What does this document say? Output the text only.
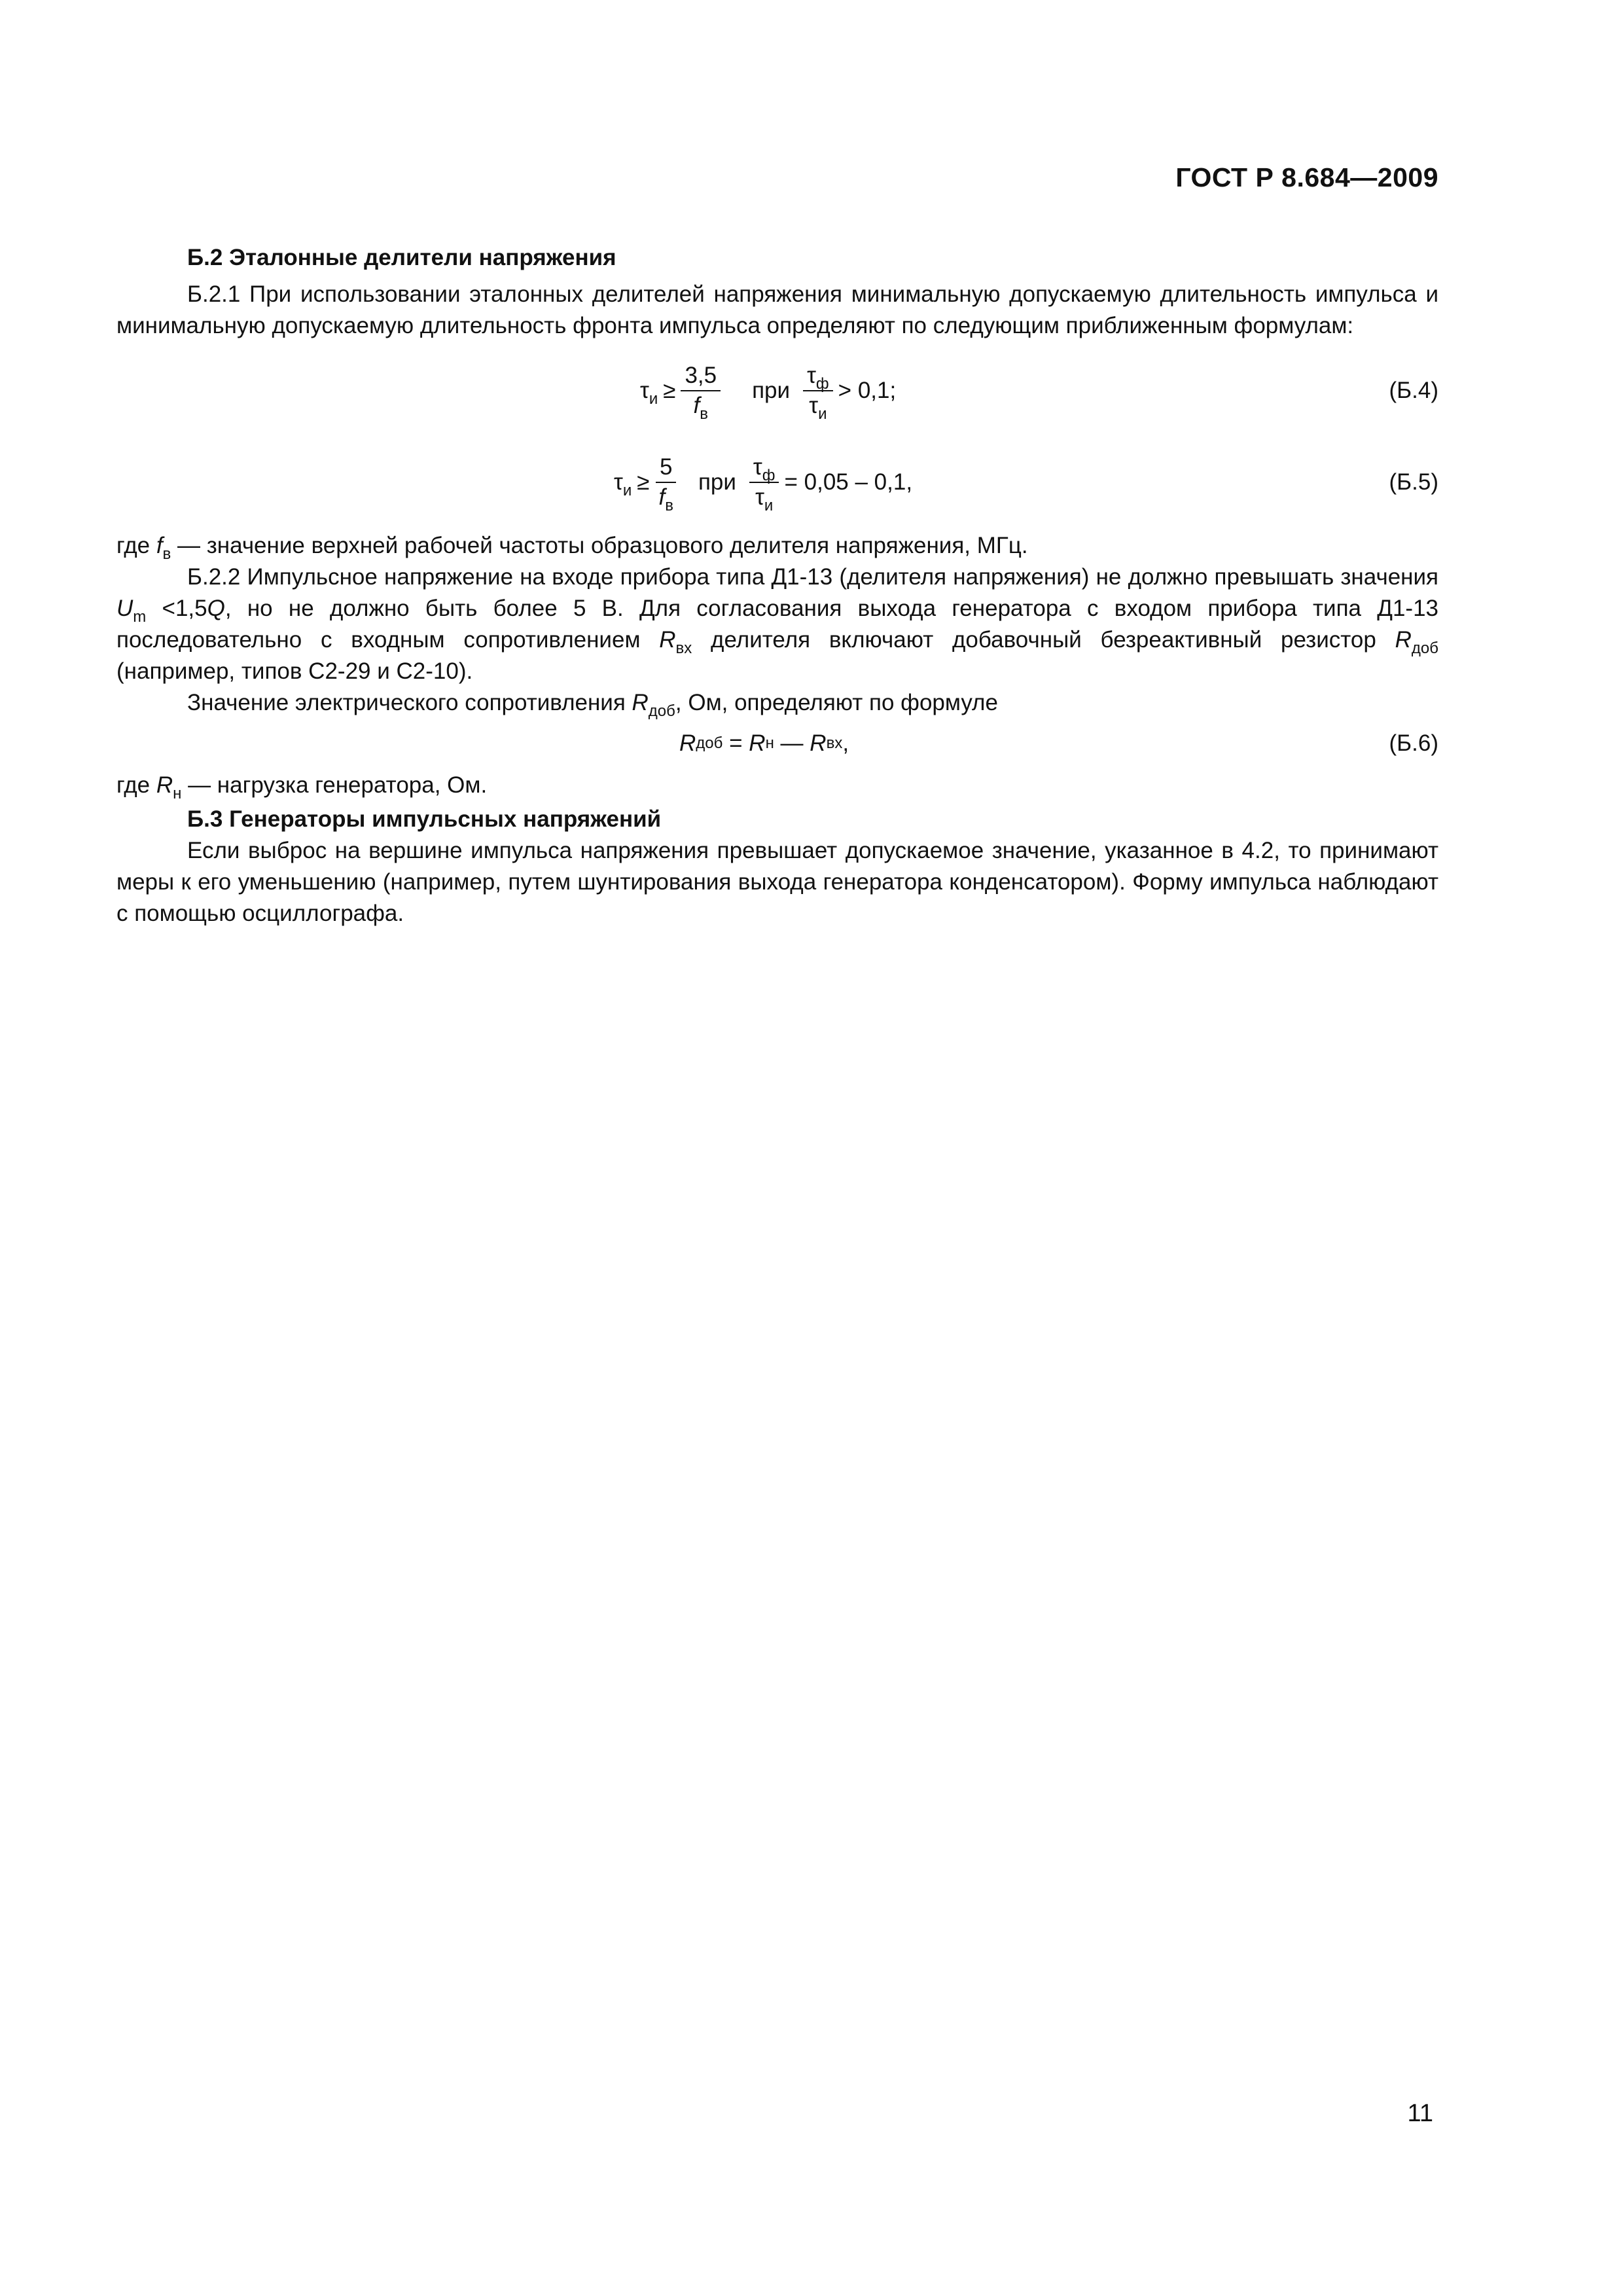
ГОСТ Р 8.684—2009

Б.2 Эталонные делители напряжения

Б.2.1 При использовании эталонных делителей напряжения минимальную допускаемую длительность импульса и минимальную допускаемую длительность фронта импульса определяют по следующим приближенным формулам:

$\tau_и \ge \frac{3,5}{f_в}$ при $\frac{\tau_ф}{\tau_и} > 0,1$;	(Б.4)
$\tau_и \ge \frac{5}{f_в}$ при $\frac{\tau_ф}{\tau_и} = 0,05 - 0,1$,	(Б.5)

где $f_в$ — значение верхней рабочей частоты образцового делителя напряжения, МГц.

Б.2.2 Импульсное напряжение на входе прибора типа Д1-13 (делителя напряжения) не должно превышать значения $U_m <1,5Q$, но не должно быть более 5 В. Для согласования выхода генератора с входом прибора типа Д1-13 последовательно с входным сопротивлением $R_{вх}$ делителя включают добавочный безреактивный резистор $R_{доб}$ (например, типов С2-29 и С2-10).

Значение электрического сопротивления $R_{доб}$, Ом, определяют по формуле

R доб = R н — R вх ,	(Б.6)

где $R_н$ — нагрузка генератора, Ом.

Б.3 Генераторы импульсных напряжений

Если выброс на вершине импульса напряжения превышает допускаемое значение, указанное в 4.2, то принимают меры к его уменьшению (например, путем шунтирования выхода генератора конденсатором). Форму импульса наблюдают с помощью осциллографа.

11
